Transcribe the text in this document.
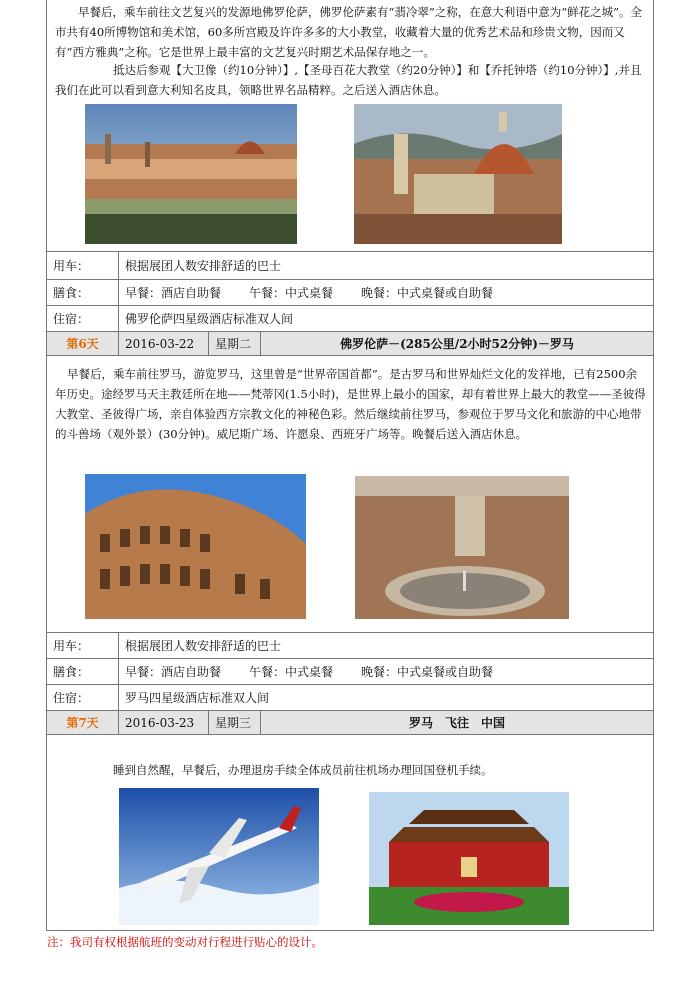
早餐后，乘车前往文艺复兴的发源地佛罗伦萨，佛罗伦萨素有“翡冷翠”之称，在意大利语中意为“鲜花之城”。全市共有40所博物馆和美术馆，60多所宫殿及许许多多的大小教堂，收藏着大量的优秀艺术品和珍贵文物，因而又有“西方雅典”之称。它是世界上最丰富的文艺复兴时期艺术品保存地之一。

抵达后参观【大卫像（约10分钟）】,【圣母百花大教堂（约20分钟）】和【乔托钟塔（约10分钟）】,并且我们在此可以看到意大利知名皮具，领略世界名品精粹。之后送入酒店休息。

用车：	根据展团人数安排舒适的巴士
膳食：	早餐：酒店自助餐 午餐：中式桌餐 晚餐：中式桌餐或自助餐
住宿：	佛罗伦萨四星级酒店标准双人间
第6天	2016-03-22	星期二	佛罗伦萨－(285公里/2小时52分钟)－罗马

早餐后，乘车前往罗马，游览罗马，这里曾是“世界帝国首都”。是古罗马和世界灿烂文化的发祥地，已有2500余年历史。途经罗马天主教廷所在地——梵蒂冈(1.5小时)，是世界上最小的国家，却有着世界上最大的教堂——圣彼得大教堂、圣彼得广场，亲自体验西方宗教文化的神秘色彩。然后继续前往罗马，参观位于罗马文化和旅游的中心地带的斗兽场（观外景）(30分钟)。威尼斯广场、许愿泉、西班牙广场等。晚餐后送入酒店休息。

用车：	根据展团人数安排舒适的巴士
膳食：	早餐：酒店自助餐 午餐：中式桌餐 晚餐：中式桌餐或自助餐
住宿：	罗马四星级酒店标准双人间
第7天	2016-03-23	星期三	罗马　飞往　中国

睡到自然醒，早餐后，办理退房手续全体成员前往机场办理回国登机手续。

注：我司有权根据航班的变动对行程进行贴心的设计。
